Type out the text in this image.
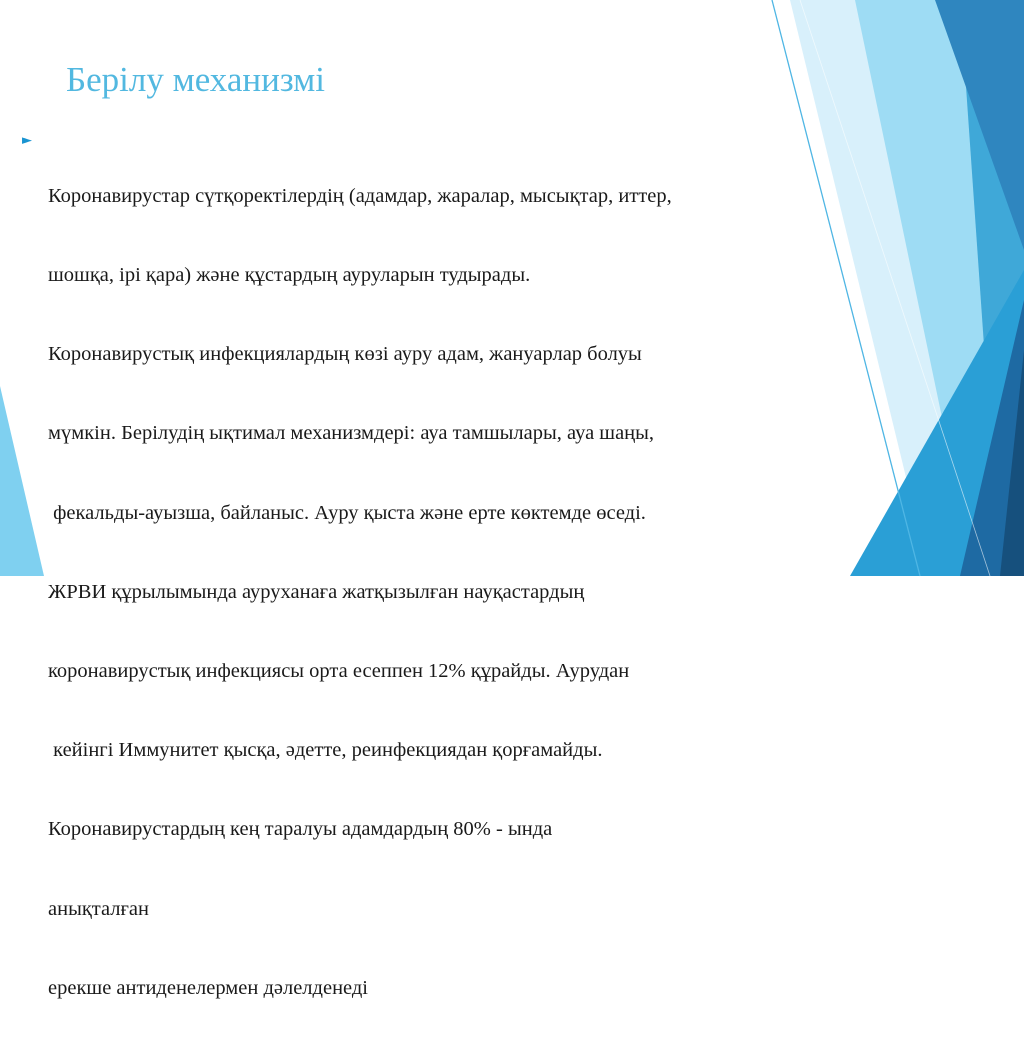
Берілу механизмі
►

Коронавирустар сүтқоректілердің (адамдар, жаралар, мысықтар, иттер,

шошқа, ірі қара) және құстардың ауруларын тудырады.

Коронавирустық инфекциялардың көзі ауру адам, жануарлар болуы

мүмкін. Берілудің ықтимал механизмдері: ауа тамшылары, ауа шаңы,

фекальды-ауызша, байланыс. Ауру қыста және ерте көктемде өседі.

ЖРВИ құрылымында ауруханаға жатқызылған науқастардың

коронавирустық инфекциясы орта есеппен 12% құрайды. Аурудан

кейінгі Иммунитет қысқа, әдетте, реинфекциядан қорғамайды.

Коронавирустардың кең таралуы адамдардың 80% - ында

анықталған

ерекше антиденелермен дәлелденеді
